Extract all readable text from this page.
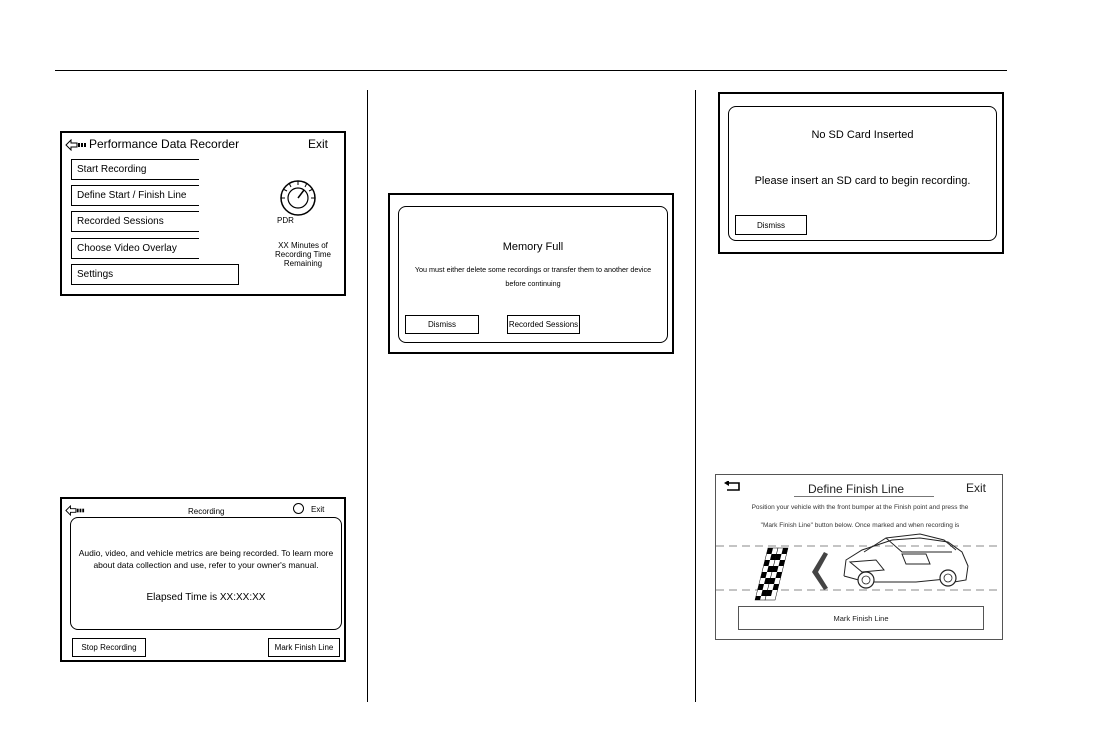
Performance Data Recorder	Exit
Start Recording
Define Start / Finish Line
Recorded Sessions
Choose Video Overlay
Settings
PDR
XX Minutes of Recording Time Remaining
Recording	Exit
Audio, video, and vehicle metrics are being recorded. To learn more about data collection and use, refer to your owner's manual.
Elapsed Time is XX:XX:XX
Stop Recording	Mark Finish Line
Memory Full
You must either delete some recordings or transfer them to another device before continuing
Dismiss	Recorded Sessions
No SD Card Inserted
Please insert an SD card to begin recording.
Dismiss
Define Finish Line	Exit
Position your vehicle with the front bumper at the Finish point and press the
"Mark Finish Line" button below. Once marked and when recording is
Mark Finish Line
